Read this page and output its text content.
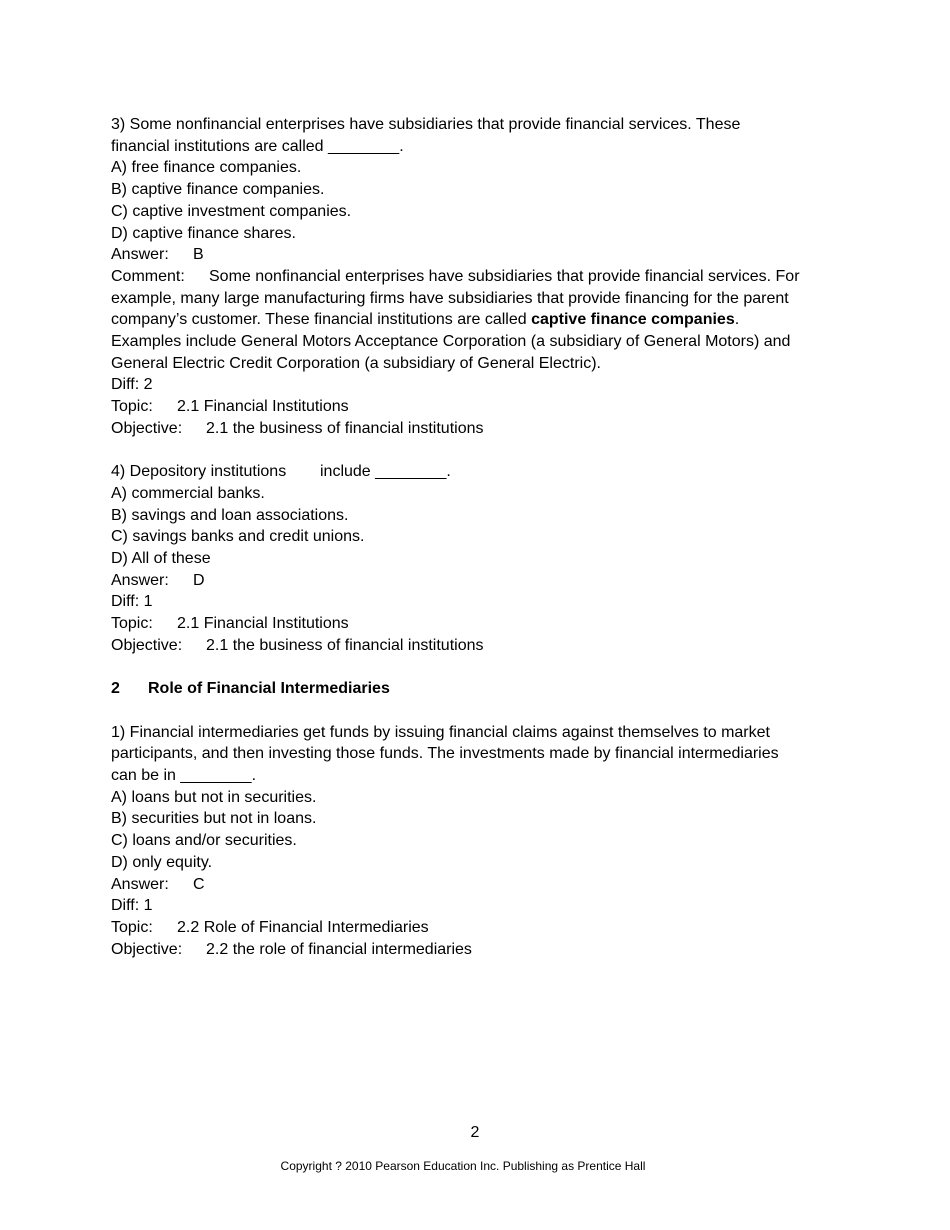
3) Some nonfinancial enterprises have subsidiaries that provide financial services. These
financial institutions are called ________.
A) free finance companies.
B) captive finance companies.
C) captive investment companies.
D) captive finance shares.
Answer: B
Comment: Some nonfinancial enterprises have subsidiaries that provide financial services. For
example, many large manufacturing firms have subsidiaries that provide financing for the parent
company’s customer. These financial institutions are called captive finance companies.
Examples include General Motors Acceptance Corporation (a subsidiary of General Motors) and
General Electric Credit Corporation (a subsidiary of General Electric).
Diff: 2
Topic: 2.1 Financial Institutions
Objective: 2.1 the business of financial institutions
4) Depository institutions include ________.
A) commercial banks.
B) savings and loan associations.
C) savings banks and credit unions.
D) All of these
Answer: D
Diff: 1
Topic: 2.1 Financial Institutions
Objective: 2.1 the business of financial institutions
2 Role of Financial Intermediaries
1) Financial intermediaries get funds by issuing financial claims against themselves to market
participants, and then investing those funds. The investments made by financial intermediaries
can be in ________.
A) loans but not in securities.
B) securities but not in loans.
C) loans and/or securities.
D) only equity.
Answer: C
Diff: 1
Topic: 2.2 Role of Financial Intermediaries
Objective: 2.2 the role of financial intermediaries
2
Copyright ? 2010 Pearson Education Inc. Publishing as Prentice Hall
